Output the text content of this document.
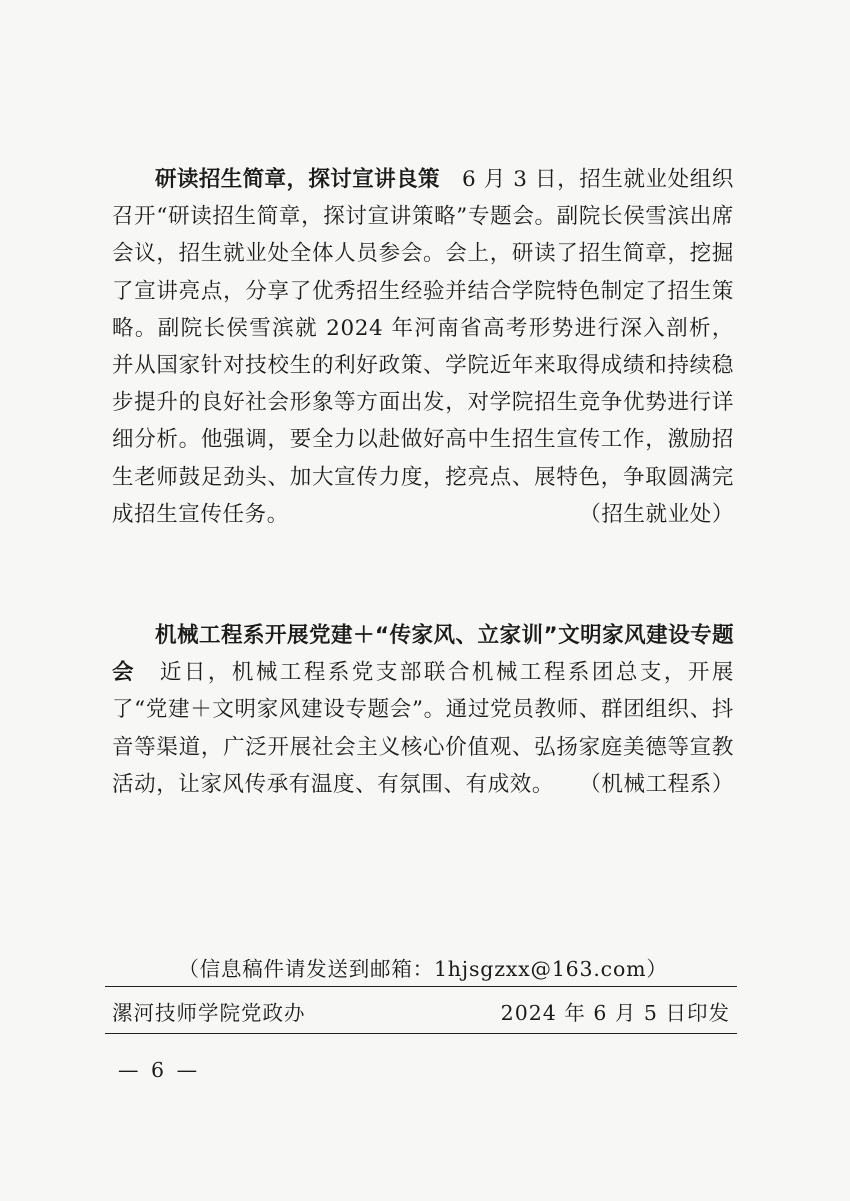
研读招生简章，探讨宣讲良策　 6 月 3 日，招生就业处组织召开“研读招生简章，探讨宣讲策略”专题会。副院长侯雪滨出席会议，招生就业处全体人员参会。会上，研读了招生简章，挖掘了宣讲亮点，分享了优秀招生经验并结合学院特色制定了招生策略。副院长侯雪滨就 2024 年河南省高考形势进行深入剖析，并从国家针对技校生的利好政策、学院近年来取得成绩和持续稳步提升的良好社会形象等方面出发，对学院招生竞争优势进行详细分析。他强调，要全力以赴做好高中生招生宣传工作，激励招生老师鼓足劲头、加大宣传力度，挖亮点、展特色，争取圆满完成招生宣传任务。	（招生就业处）

机械工程系开展党建＋“传家风、立家训”文明家风建设专题会　 近日，机械工程系党支部联合机械工程系团总支，开展了“党建＋文明家风建设专题会”。通过党员教师、群团组织、抖音等渠道，广泛开展社会主义核心价值观、弘扬家庭美德等宣教活动，让家风传承有温度、有氛围、有成效。 （机械工程系）

（信息稿件请发送到邮箱：1hjsgzxx@163.com）

漯河技师学院党政办	2024 年 6 月 5 日印发

— 6 —
